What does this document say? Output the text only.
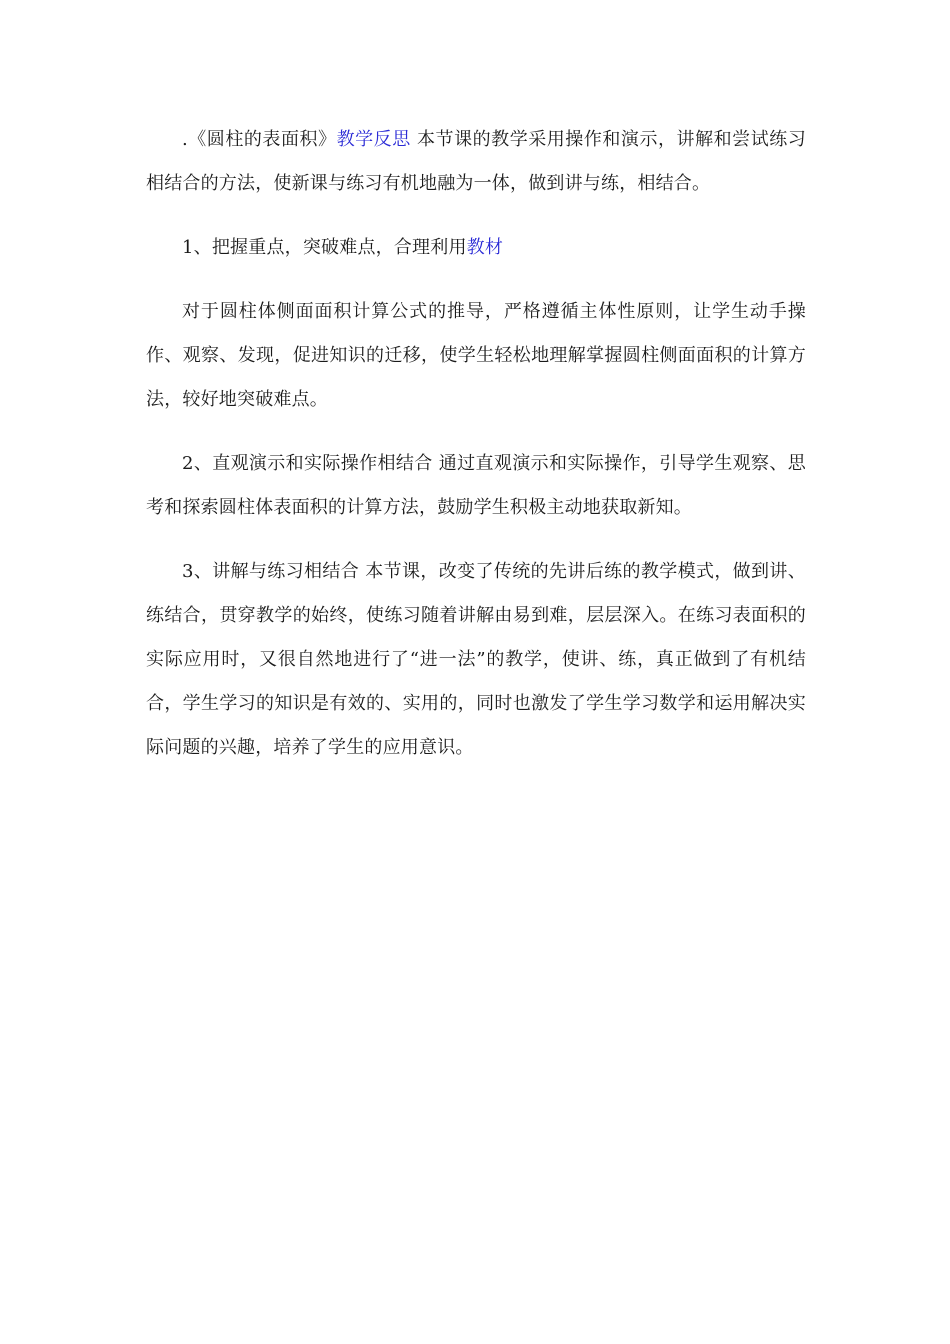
.《圆柱的表面积》教学反思 本节课的教学采用操作和演示，讲解和尝试练习相结合的方法，使新课与练习有机地融为一体，做到讲与练，相结合。

1、把握重点，突破难点，合理利用教材

对于圆柱体侧面面积计算公式的推导，严格遵循主体性原则，让学生动手操作、观察、发现，促进知识的迁移，使学生轻松地理解掌握圆柱侧面面积的计算方法，较好地突破难点。

2、直观演示和实际操作相结合 通过直观演示和实际操作，引导学生观察、思考和探索圆柱体表面积的计算方法，鼓励学生积极主动地获取新知。

3、讲解与练习相结合 本节课，改变了传统的先讲后练的教学模式，做到讲、练结合，贯穿教学的始终，使练习随着讲解由易到难，层层深入。在练习表面积的实际应用时，又很自然地进行了“进一法”的教学，使讲、练，真正做到了有机结合，学生学习的知识是有效的、实用的，同时也激发了学生学习数学和运用解决实际问题的兴趣，培养了学生的应用意识。
